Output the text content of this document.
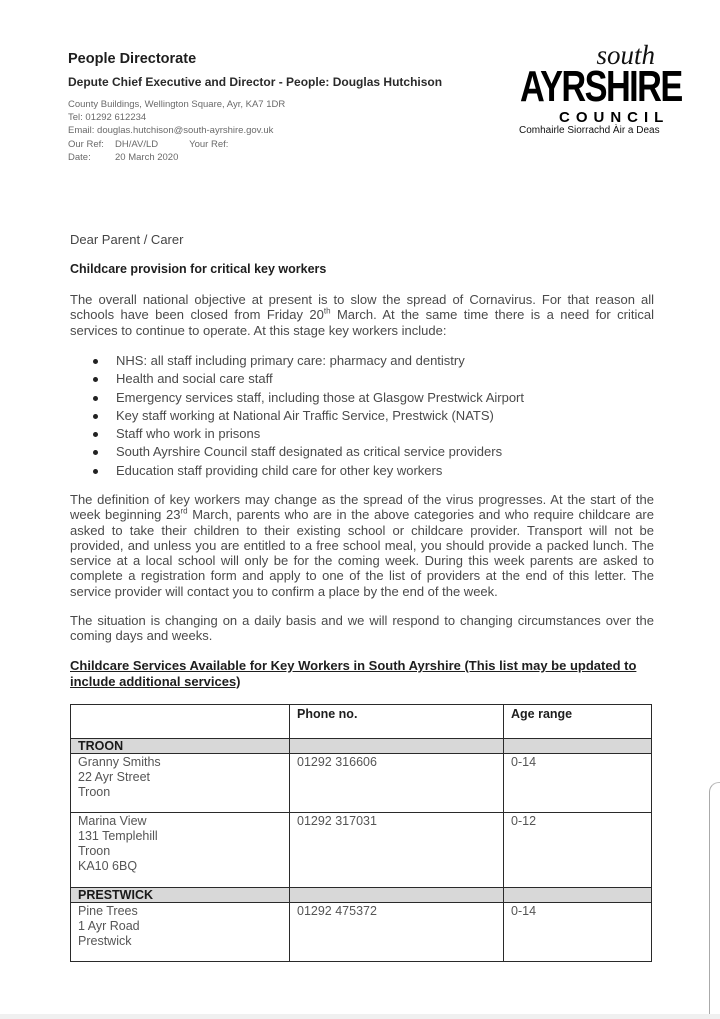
People Directorate
Depute Chief Executive and Director - People: Douglas Hutchison
County Buildings, Wellington Square, Ayr, KA7 1DR
Tel: 01292 612234
Email: douglas.hutchison@south-ayrshire.gov.uk
Our Ref:	DH/AV/LD	Your Ref:
Date:	20 March 2020
south
AYRSHIRE
COUNCIL
Comhairle Siorrachd Àir a Deas
Dear Parent / Carer
Childcare provision for critical key workers
The overall national objective at present is to slow the spread of Cornavirus. For that reason all schools have been closed from Friday 20th March. At the same time there is a need for critical services to continue to operate. At this stage key workers include:
NHS: all staff including primary care: pharmacy and dentistry
Health and social care staff
Emergency services staff, including those at Glasgow Prestwick Airport
Key staff working at National Air Traffic Service, Prestwick (NATS)
Staff who work in prisons
South Ayrshire Council staff designated as critical service providers
Education staff providing child care for other key workers
The definition of key workers may change as the spread of the virus progresses. At the start of the week beginning 23rd March, parents who are in the above categories and who require childcare are asked to take their children to their existing school or childcare provider. Transport will not be provided, and unless you are entitled to a free school meal, you should provide a packed lunch. The service at a local school will only be for the coming week. During this week parents are asked to complete a registration form and apply to one of the list of providers at the end of this letter. The service provider will contact you to confirm a place by the end of the week.
The situation is changing on a daily basis and we will respond to changing circumstances over the coming days and weeks.
Childcare Services Available for Key Workers in South Ayrshire (This list may be updated to include additional services)
	Phone no.	Age range
TROON		

Granny Smiths
22 Ayr Street
Troon	01292 316606	0-14

Marina View
131 Templehill
Troon
KA10 6BQ	01292 317031	0-12
PRESTWICK		

Pine Trees
1 Ayr Road
Prestwick	01292 475372	0-14
